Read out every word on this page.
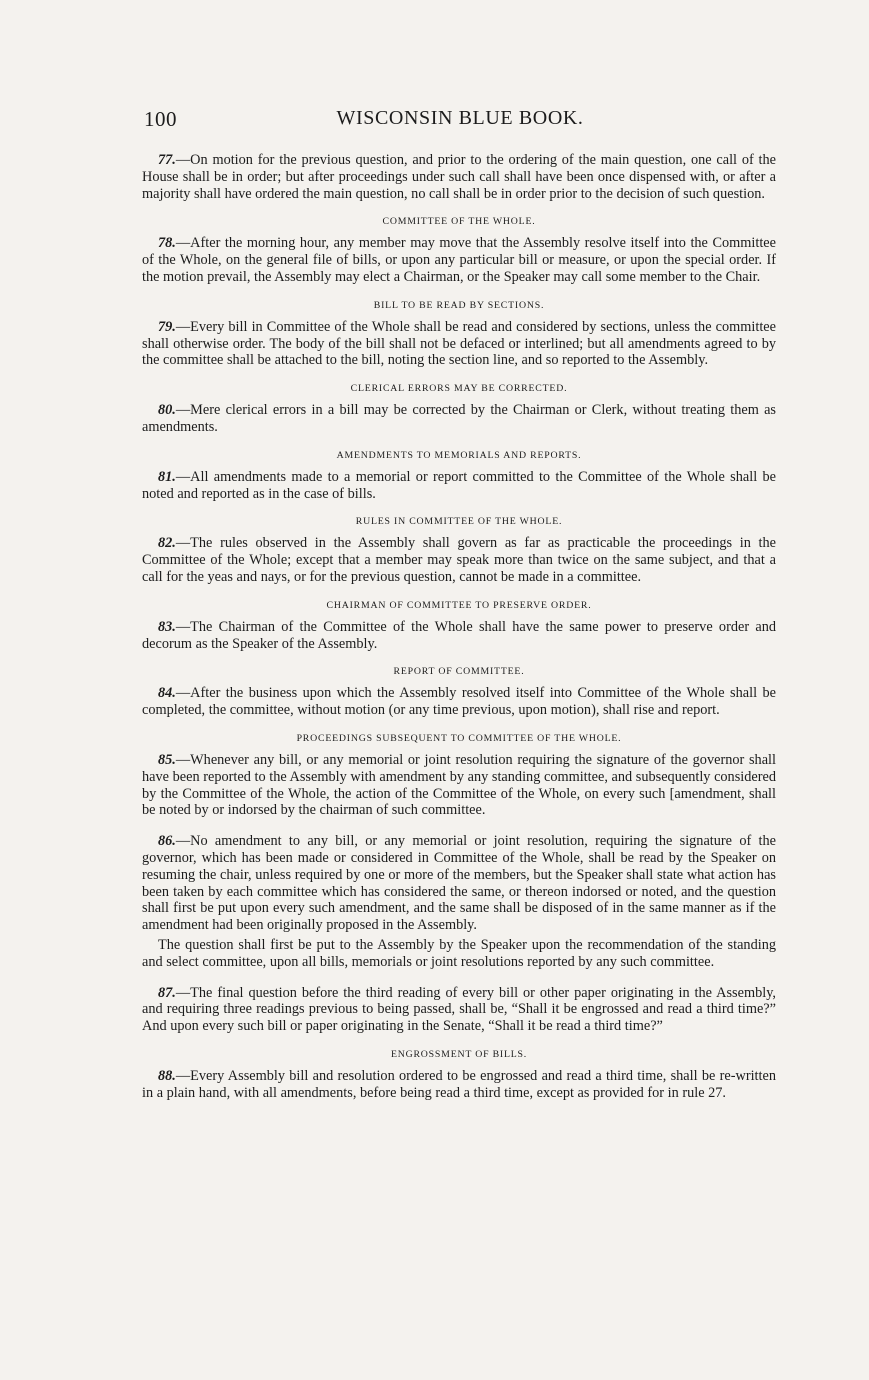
100	WISCONSIN BLUE BOOK.

77.—On motion for the previous question, and prior to the ordering of the main question, one call of the House shall be in order; but after proceedings under such call shall have been once dispensed with, or after a majority shall have ordered the main question, no call shall be in order prior to the decision of such question.

COMMITTEE OF THE WHOLE.

78.—After the morning hour, any member may move that the Assembly resolve itself into the Committee of the Whole, on the general file of bills, or upon any particular bill or measure, or upon the special order. If the motion prevail, the Assembly may elect a Chairman, or the Speaker may call some member to the Chair.

BILL TO BE READ BY SECTIONS.

79.—Every bill in Committee of the Whole shall be read and considered by sections, unless the committee shall otherwise order. The body of the bill shall not be defaced or interlined; but all amendments agreed to by the committee shall be attached to the bill, noting the section line, and so reported to the Assembly.

CLERICAL ERRORS MAY BE CORRECTED.

80.—Mere clerical errors in a bill may be corrected by the Chairman or Clerk, without treating them as amendments.

AMENDMENTS TO MEMORIALS AND REPORTS.

81.—All amendments made to a memorial or report committed to the Committee of the Whole shall be noted and reported as in the case of bills.

RULES IN COMMITTEE OF THE WHOLE.

82.—The rules observed in the Assembly shall govern as far as practicable the proceedings in the Committee of the Whole; except that a member may speak more than twice on the same subject, and that a call for the yeas and nays, or for the previous question, cannot be made in a committee.

CHAIRMAN OF COMMITTEE TO PRESERVE ORDER.

83.—The Chairman of the Committee of the Whole shall have the same power to preserve order and decorum as the Speaker of the Assembly.

REPORT OF COMMITTEE.

84.—After the business upon which the Assembly resolved itself into Committee of the Whole shall be completed, the committee, without motion (or any time previous, upon motion), shall rise and report.

PROCEEDINGS SUBSEQUENT TO COMMITTEE OF THE WHOLE.

85.—Whenever any bill, or any memorial or joint resolution requiring the signature of the governor shall have been reported to the Assembly with amendment by any standing committee, and subsequently considered by the Committee of the Whole, the action of the Committee of the Whole, on every such [amendment, shall be noted by or indorsed by the chairman of such committee.

86.—No amendment to any bill, or any memorial or joint resolution, requiring the signature of the governor, which has been made or considered in Committee of the Whole, shall be read by the Speaker on resuming the chair, unless required by one or more of the members, but the Speaker shall state what action has been taken by each committee which has considered the same, or thereon indorsed or noted, and the question shall first be put upon every such amendment, and the same shall be disposed of in the same manner as if the amendment had been originally proposed in the Assembly.

The question shall first be put to the Assembly by the Speaker upon the recommendation of the standing and select committee, upon all bills, memorials or joint resolutions reported by any such committee.

87.—The final question before the third reading of every bill or other paper originating in the Assembly, and requiring three readings previous to being passed, shall be, “Shall it be engrossed and read a third time?” And upon every such bill or paper originating in the Senate, “Shall it be read a third time?”

ENGROSSMENT OF BILLS.

88.—Every Assembly bill and resolution ordered to be engrossed and read a third time, shall be re-written in a plain hand, with all amendments, before being read a third time, except as provided for in rule 27.
